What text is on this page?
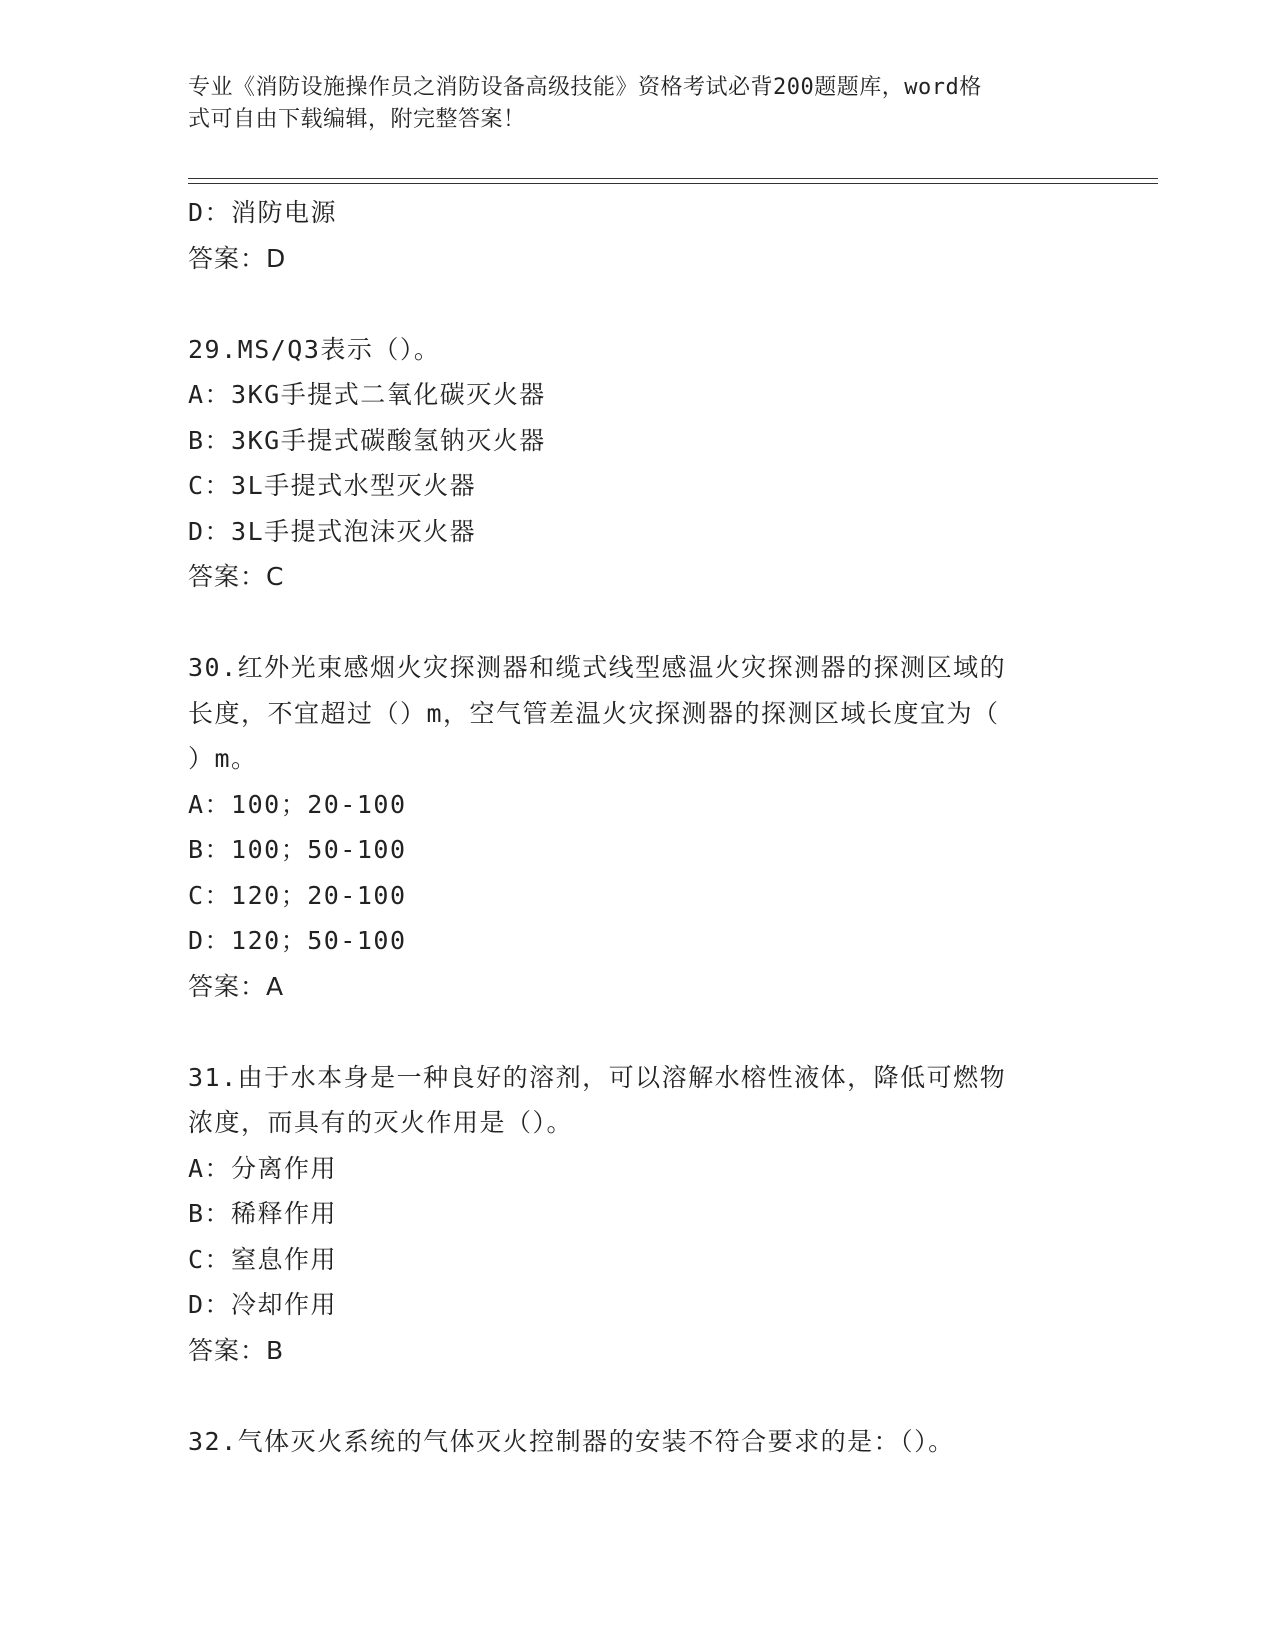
专业《消防设施操作员之消防设备高级技能》资格考试必背200题题库，word格
式可自由下载编辑，附完整答案！
D：消防电源
答案：D
29.MS/Q3表示（）。
A：3KG手提式二氧化碳灭火器
B：3KG手提式碳酸氢钠灭火器
C：3L手提式水型灭火器
D：3L手提式泡沫灭火器
答案：C
30.红外光束感烟火灾探测器和缆式线型感温火灾探测器的探测区域的
长度，不宜超过（）m，空气管差温火灾探测器的探测区域长度宜为（
）m。
A：100；20-100
B：100；50-100
C：120；20-100
D：120；50-100
答案：A
31.由于水本身是一种良好的溶剂，可以溶解水榕性液体，降低可燃物
浓度，而具有的灭火作用是（）。
A：分离作用
B：稀释作用
C：窒息作用
D：冷却作用
答案：B
32.气体灭火系统的气体灭火控制器的安装不符合要求的是：（）。
